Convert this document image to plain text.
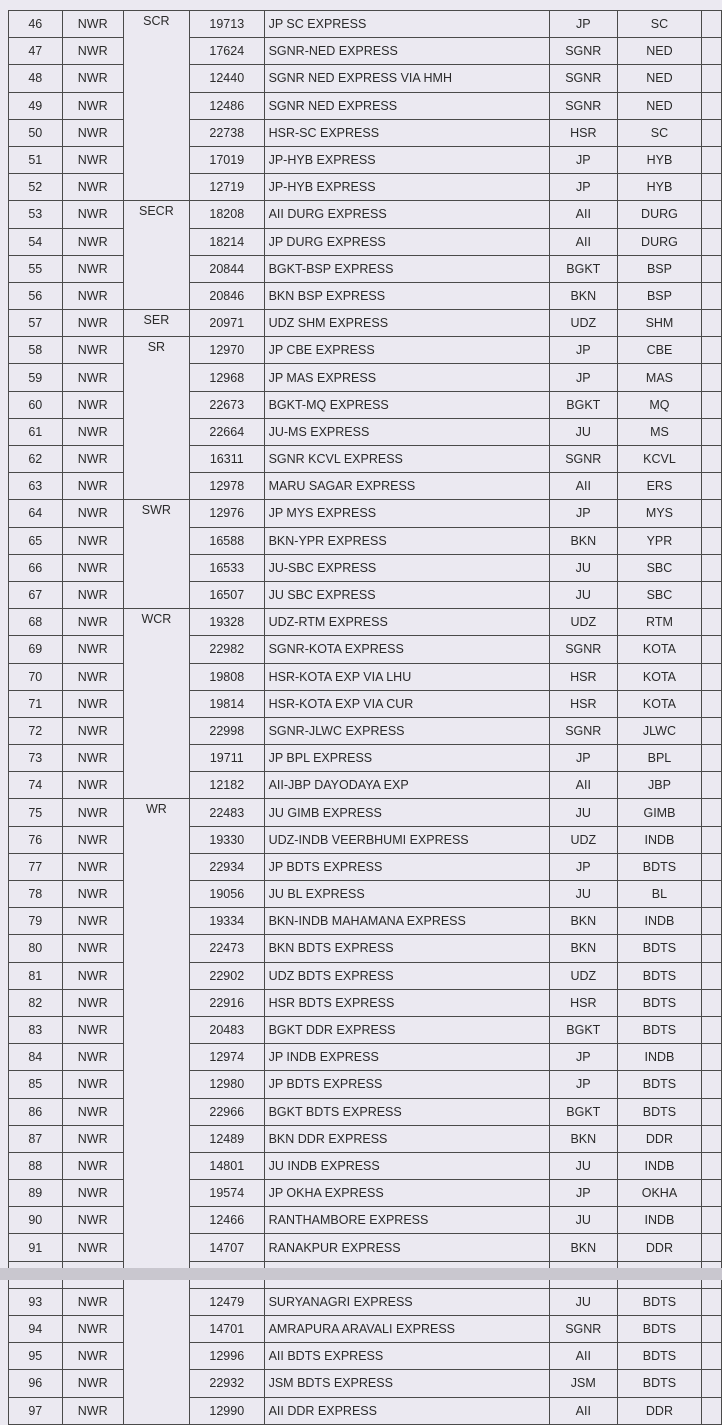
46	NWR	SCR	19713	JP SC EXPRESS	JP	SC	
47	NWR		17624	SGNR-NED EXPRESS	SGNR	NED	
48	NWR		12440	SGNR NED EXPRESS VIA HMH	SGNR	NED	
49	NWR		12486	SGNR NED EXPRESS	SGNR	NED	
50	NWR		22738	HSR-SC EXPRESS	HSR	SC	
51	NWR		17019	JP-HYB EXPRESS	JP	HYB	
52	NWR		12719	JP-HYB EXPRESS	JP	HYB	
53	NWR	SECR	18208	AII DURG EXPRESS	AII	DURG	
54	NWR		18214	JP DURG EXPRESS	AII	DURG	
55	NWR		20844	BGKT-BSP EXPRESS	BGKT	BSP	
56	NWR		20846	BKN BSP EXPRESS	BKN	BSP	
57	NWR	SER	20971	UDZ SHM EXPRESS	UDZ	SHM	
58	NWR	SR	12970	JP CBE EXPRESS	JP	CBE	
59	NWR		12968	JP MAS EXPRESS	JP	MAS	
60	NWR		22673	BGKT-MQ EXPRESS	BGKT	MQ	
61	NWR		22664	JU-MS EXPRESS	JU	MS	
62	NWR		16311	SGNR KCVL EXPRESS	SGNR	KCVL	
63	NWR		12978	MARU SAGAR EXPRESS	AII	ERS	
64	NWR	SWR	12976	JP MYS EXPRESS	JP	MYS	
65	NWR		16588	BKN-YPR EXPRESS	BKN	YPR	
66	NWR		16533	JU-SBC EXPRESS	JU	SBC	
67	NWR		16507	JU SBC EXPRESS	JU	SBC	
68	NWR	WCR	19328	UDZ-RTM EXPRESS	UDZ	RTM	
69	NWR		22982	SGNR-KOTA EXPRESS	SGNR	KOTA	
70	NWR		19808	HSR-KOTA EXP VIA LHU	HSR	KOTA	
71	NWR		19814	HSR-KOTA EXP VIA CUR	HSR	KOTA	
72	NWR		22998	SGNR-JLWC EXPRESS	SGNR	JLWC	
73	NWR		19711	JP BPL EXPRESS	JP	BPL	
74	NWR		12182	AII-JBP DAYODAYA EXP	AII	JBP	
75	NWR	WR	22483	JU GIMB EXPRESS	JU	GIMB	
76	NWR		19330	UDZ-INDB VEERBHUMI EXPRESS	UDZ	INDB	
77	NWR		22934	JP BDTS EXPRESS	JP	BDTS	
78	NWR		19056	JU BL EXPRESS	JU	BL	
79	NWR		19334	BKN-INDB MAHAMANA EXPRESS	BKN	INDB	
80	NWR		22473	BKN BDTS EXPRESS	BKN	BDTS	
81	NWR		22902	UDZ BDTS EXPRESS	UDZ	BDTS	
82	NWR		22916	HSR BDTS EXPRESS	HSR	BDTS	
83	NWR		20483	BGKT DDR EXPRESS	BGKT	BDTS	
84	NWR		12974	JP INDB EXPRESS	JP	INDB	
85	NWR		12980	JP BDTS EXPRESS	JP	BDTS	
86	NWR		22966	BGKT BDTS EXPRESS	BGKT	BDTS	
87	NWR		12489	BKN DDR EXPRESS	BKN	DDR	
88	NWR		14801	JU INDB EXPRESS	JU	INDB	
89	NWR		19574	JP OKHA EXPRESS	JP	OKHA	
90	NWR		12466	RANTHAMBORE EXPRESS	JU	INDB	
91	NWR		14707	RANAKPUR EXPRESS	BKN	DDR	

93	NWR		12479	SURYANAGRI EXPRESS	JU	BDTS	
94	NWR		14701	AMRAPURA ARAVALI EXPRESS	SGNR	BDTS	
95	NWR		12996	AII BDTS EXPRESS	AII	BDTS	
96	NWR		22932	JSM BDTS EXPRESS	JSM	BDTS	
97	NWR		12990	AII DDR EXPRESS	AII	DDR	
